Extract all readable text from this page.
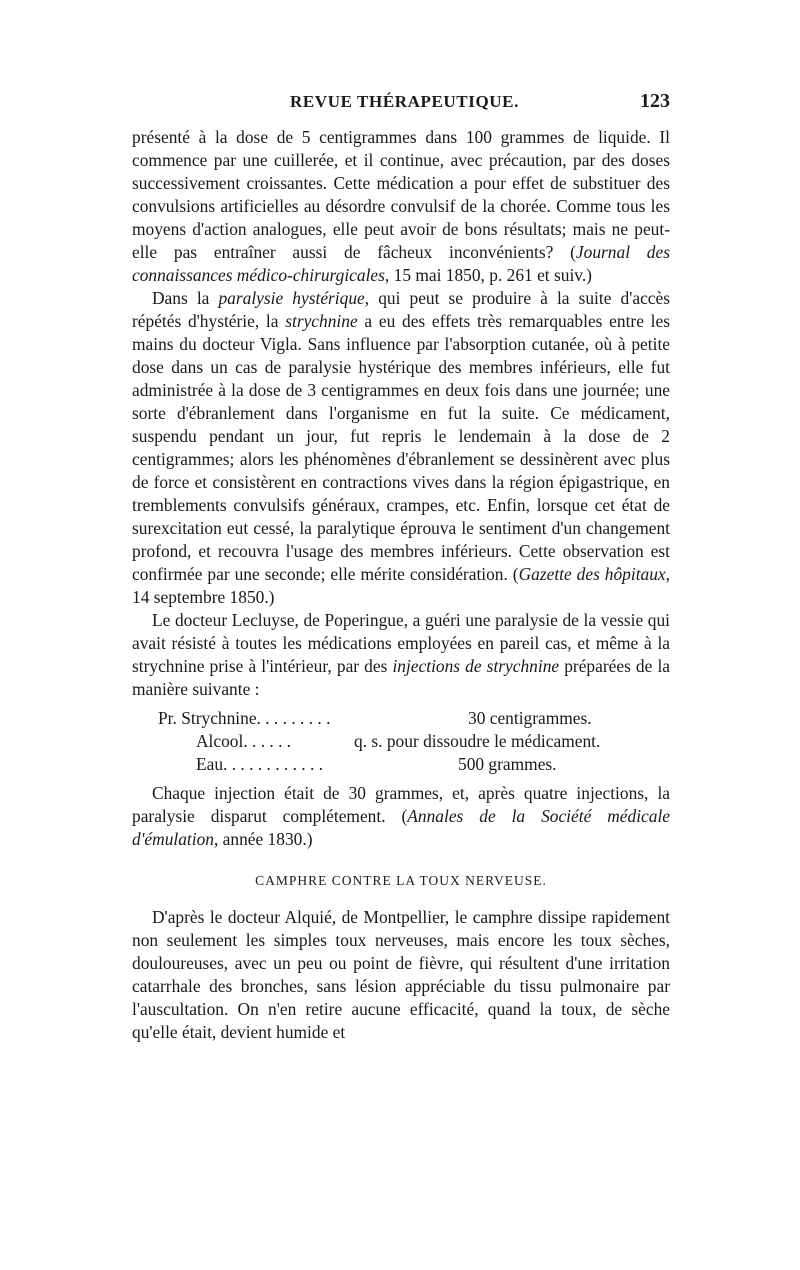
REVUE THÉRAPEUTIQUE.	123

présenté à la dose de 5 centigrammes dans 100 grammes de liquide. Il commence par une cuillerée, et il continue, avec précaution, par des doses successivement croissantes. Cette médication a pour effet de substituer des convulsions artificielles au désordre convulsif de la chorée. Comme tous les moyens d'action analogues, elle peut avoir de bons résultats; mais ne peut-elle pas entraîner aussi de fâcheux inconvénients? (Journal des connaissances médico-chirurgicales, 15 mai 1850, p. 261 et suiv.)

Dans la paralysie hystérique, qui peut se produire à la suite d'accès répétés d'hystérie, la strychnine a eu des effets très remarquables entre les mains du docteur Vigla. Sans influence par l'absorption cutanée, où à petite dose dans un cas de paralysie hystérique des membres inférieurs, elle fut administrée à la dose de 3 centigrammes en deux fois dans une journée; une sorte d'ébranlement dans l'organisme en fut la suite. Ce médicament, suspendu pendant un jour, fut repris le lendemain à la dose de 2 centigrammes; alors les phénomènes d'ébranlement se dessinèrent avec plus de force et consistèrent en contractions vives dans la région épigastrique, en tremblements convulsifs généraux, crampes, etc. Enfin, lorsque cet état de surexcitation eut cessé, la paralytique éprouva le sentiment d'un changement profond, et recouvra l'usage des membres inférieurs. Cette observation est confirmée par une seconde; elle mérite considération. (Gazette des hôpitaux, 14 septembre 1850.)

Le docteur Lecluyse, de Poperingue, a guéri une paralysie de la vessie qui avait résisté à toutes les médications employées en pareil cas, et même à la strychnine prise à l'intérieur, par des injections de strychnine préparées de la manière suivante :

Pr. Strychnine. . . . . . . . .	30 centigrammes.
Alcool. . . . . .	q. s. pour dissoudre le médicament.
Eau. . . . . . . . . . . .	500 grammes.

Chaque injection était de 30 grammes, et, après quatre injections, la paralysie disparut complétement. (Annales de la Société médicale d'émulation, année 1830.)

CAMPHRE CONTRE LA TOUX NERVEUSE.

D'après le docteur Alquié, de Montpellier, le camphre dissipe rapidement non seulement les simples toux nerveuses, mais encore les toux sèches, douloureuses, avec un peu ou point de fièvre, qui résultent d'une irritation catarrhale des bronches, sans lésion appréciable du tissu pulmonaire par l'auscultation. On n'en retire aucune efficacité, quand la toux, de sèche qu'elle était, devient humide et
